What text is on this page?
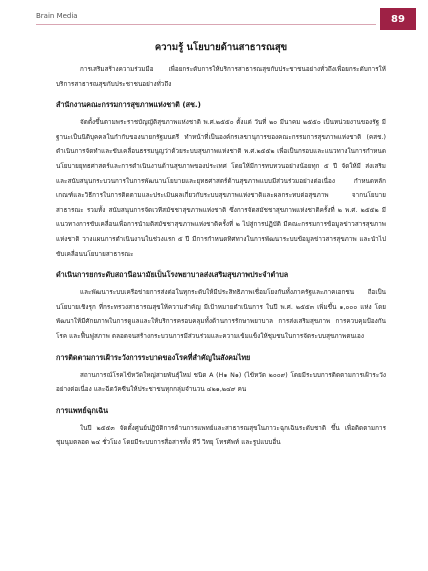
Brain Media	89
ความรู้ นโยบายด้านสาธารณสุข

การเสริมสร้างความร่วมมือ เพื่อยกระดับการให้บริการสาธารณสุขกับประชาชนอย่างทั่วถึงเพื่อยกระดับการให้บริการสาธารณสุขกับประชาชนอย่างทั่วถึง

สำนักงานคณะกรรมการสุขภาพแห่งชาติ (สช.)

จัดตั้งขึ้นตามพระราชบัญญัติสุขภาพแห่งชาติ พ.ศ.๒๕๕๐ ตั้งแต่ วันที่ ๒๐ มีนาคม ๒๕๕๐ เป็นหน่วยงานของรัฐ มีฐานะเป็นนิติบุคคลในกำกับของนายกรัฐมนตรี ทำหน้าที่เป็นองค์กรเลขานุการของคณะกรรมการสุขภาพแห่งชาติ (คสช.) ดำเนินการจัดทำและขับเคลื่อนธรรมนูญว่าด้วยระบบสุขภาพแห่งชาติ พ.ศ.๒๕๕๒ เพื่อเป็นกรอบและแนวทางในการกำหนดนโยบายยุทธศาสตร์และการดำเนินงานด้านสุขภาพของประเทศ โดยให้มีการทบทวนอย่างน้อยทุก ๕ ปี จัดให้มี ส่งเสริม และสนับสนุนกระบวนการในการพัฒนานโยบายและยุทธศาสตร์ด้านสุขภาพแบบมีส่วนร่วมอย่างต่อเนื่อง กำหนดหลักเกณฑ์และวิธีการในการติดตามและประเมินผลเกี่ยวกับระบบสุขภาพแห่งชาติและผลกระทบต่อสุขภาพ จากนโยบายสาธารณะ รวมทั้ง สนับสนุนการจัดเวทีสมัชชาสุขภาพแห่งชาติ ซึ่งการจัดสมัชชาสุขภาพแห่งชาติครั้งที่ ๒ พ.ศ. ๒๕๕๒ มีแนวทางการขับเคลื่อนเพื่อการนำมติสมัชชาสุขภาพแห่งชาติครั้งที่ ๒ ไปสู่การปฏิบัติ มีคณะกรรมการข้อมูลข่าวสารสุขภาพแห่งชาติ วางแผนการดำเนินงานในช่วงแรก ๕ ปี มีการกำหนดทิศทางในการพัฒนาระบบข้อมูลข่าวสารสุขภาพ และนำไปขับเคลื่อนนโยบายสาธารณะ

ดำเนินการยกระดับสถานีอนามัยเป็นโรงพยาบาลส่งเสริมสุขภาพประจำตำบล

และพัฒนาระบบเครือข่ายการส่งต่อในทุกระดับให้มีประสิทธิภาพเชื่อมโยงกันทั้งภาครัฐและภาคเอกชน ถือเป็นนโยบายเชิงรุก ที่กระทรวงสาธารณสุขให้ความสำคัญ มีเป้าหมายดำเนินการ ในปี พ.ศ. ๒๕๕๓ เพิ่มขึ้น ๑,๐๐๐ แห่ง โดยพัฒนาให้มีศักยภาพในการดูแลและให้บริการครอบคลุมทั้งด้านการรักษาพยาบาล การส่งเสริมสุขภาพ การควบคุมป้องกันโรค และฟื้นฟูสภาพ ตลอดจนสร้างกระบวนการมีส่วนร่วมและความเข้มแข็งให้ชุมชนในการจัดระบบสุขภาพตนเอง

การติดตามการเฝ้าระวังการระบาดของโรคที่สำคัญในสังคมไทย

สถานการณ์โรคไข้หวัดใหญ่สายพันธุ์ใหม่ ชนิด A (H๑ N๑) (ไข้หวัด ๒๐๐๙) โดยมีระบบการติดตามการเฝ้าระวังอย่างต่อเนื่อง และฉีดวัคซีนให้ประชาชนทุกกลุ่มจำนวน ๔๒๑,๒๔๙ คน

การแพทย์ฉุกเฉิน

ในปี ๒๕๕๓ จัดตั้งศูนย์ปฏิบัติการด้านการแพทย์และสาธารณสุขในภาวะฉุกเฉินระดับชาติ ขึ้น เพื่อติดตามการชุมนุมตลอด ๒๔ ชั่วโมง โดยมีระบบการสื่อสารทั้ง ทีวี วิทยุ โทรศัพท์ และรูปแบบอื่น
